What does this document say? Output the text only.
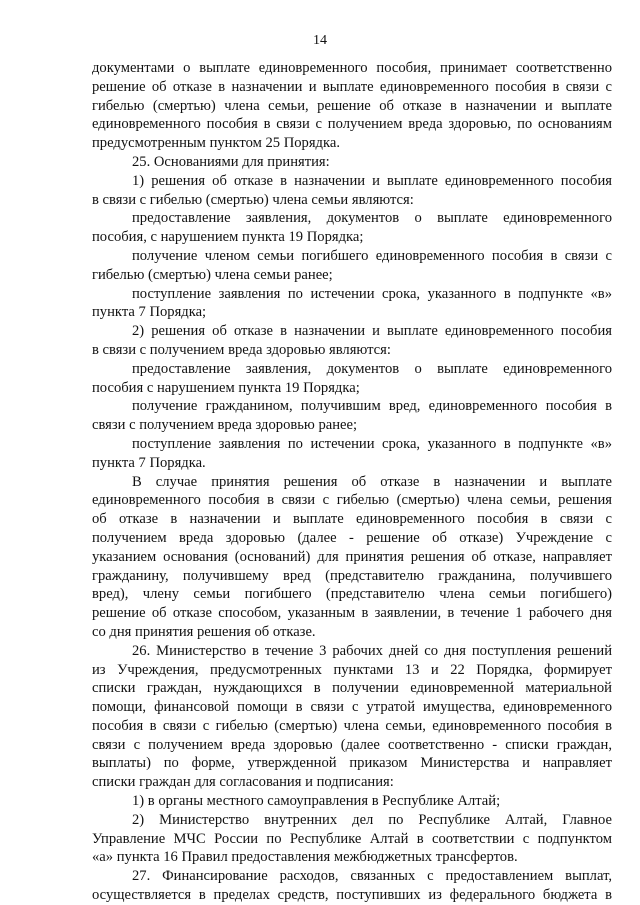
14
документами о выплате единовременного пособия, принимает соответственно
решение об отказе в назначении и выплате единовременного пособия в связи с
гибелью (смертью) члена семьи, решение об отказе в назначении и выплате
единовременного пособия в связи с получением вреда здоровью, по основаниям
предусмотренным пунктом 25 Порядка.
25. Основаниями для принятия:
1) решения об отказе в назначении и выплате единовременного пособия
в связи с гибелью (смертью) члена семьи являются:
предоставление заявления, документов о выплате единовременного
пособия, с нарушением пункта 19 Порядка;
получение членом семьи погибшего единовременного пособия в связи с
гибелью (смертью) члена семьи ранее;
поступление заявления по истечении срока, указанного в подпункте «в»
пункта 7 Порядка;
2) решения об отказе в назначении и выплате единовременного пособия
в связи с получением вреда здоровью являются:
предоставление заявления, документов о выплате единовременного
пособия с нарушением пункта 19 Порядка;
получение гражданином, получившим вред, единовременного пособия в
связи с получением вреда здоровью ранее;
поступление заявления по истечении срока, указанного в подпункте «в»
пункта 7 Порядка.
В случае принятия решения об отказе в назначении и выплате
единовременного пособия в связи с гибелью (смертью) члена семьи, решения
об отказе в назначении и выплате единовременного пособия в связи с
получением вреда здоровью (далее - решение об отказе) Учреждение с
указанием основания (оснований) для принятия решения об отказе, направляет
гражданину, получившему вред (представителю гражданина, получившего
вред), члену семьи погибшего (представителю члена семьи погибшего)
решение об отказе способом, указанным в заявлении, в течение 1 рабочего дня
со дня принятия решения об отказе.
26. Министерство в течение 3 рабочих дней со дня поступления решений
из Учреждения, предусмотренных пунктами 13 и 22 Порядка, формирует
списки граждан, нуждающихся в получении единовременной материальной
помощи, финансовой помощи в связи с утратой имущества, единовременного
пособия в связи с гибелью (смертью) члена семьи, единовременного пособия в
связи с получением вреда здоровью (далее соответственно - списки граждан,
выплаты) по форме, утвержденной приказом Министерства и направляет
списки граждан для согласования и подписания:
1) в органы местного самоуправления в Республике Алтай;
2) Министерство внутренних дел по Республике Алтай, Главное
Управление МЧС России по Республике Алтай в соответствии с подпунктом
«а» пункта 16 Правил предоставления межбюджетных трансфертов.
27. Финансирование расходов, связанных с предоставлением выплат,
осуществляется в пределах средств, поступивших из федерального бюджета в
